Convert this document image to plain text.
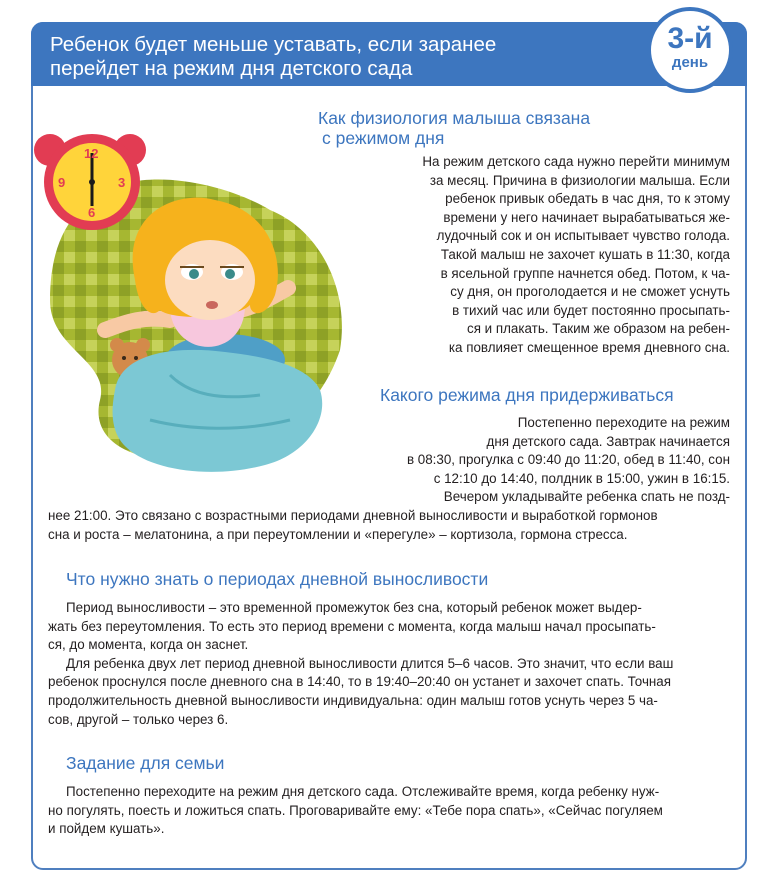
Ребенок будет меньше уставать, если заранее
перейдет на режим дня детского сада
3-й
день
12
3
6
9
Как физиология малыша связана
с режимом дня
На режим детского сада нужно перейти минимум
за месяц. Причина в физиологии малыша. Если
ребенок привык обедать в час дня, то к этому
времени у него начинает вырабатываться же-
лудочный сок и он испытывает чувство голода.
Такой малыш не захочет кушать в 11:30, когда
в ясельной группе начнется обед. Потом, к ча-
су дня, он проголодается и не сможет уснуть
в тихий час или будет постоянно просыпать-
ся и плакать. Таким же образом на ребен-
ка повлияет смещенное время дневного сна.
Какого режима дня придерживаться
Постепенно переходите на режим
дня детского сада. Завтрак начинается
в 08:30, прогулка с 09:40 до 11:20, обед в 11:40, сон
с 12:10 до 14:40, полдник в 15:00, ужин в 16:15.
Вечером укладывайте ребенка спать не позд-
нее 21:00. Это связано с возрастными периодами дневной выносливости и выработкой гормонов
сна и роста – мелатонина, а при переутомлении и «перегуле» – кортизола, гормона стресса.
Что нужно знать о периодах дневной выносливости
Период выносливости – это временной промежуток без сна, который ребенок может выдер-
жать без переутомления. То есть это период времени с момента, когда малыш начал просыпать-
ся, до момента, когда он заснет.
Для ребенка двух лет период дневной выносливости длится 5–6 часов. Это значит, что если ваш
ребенок проснулся после дневного сна в 14:40, то в 19:40–20:40 он устанет и захочет спать. Точная
продолжительность дневной выносливости индивидуальна: один малыш готов уснуть через 5 ча-
сов, другой – только через 6.
Задание для семьи
Постепенно переходите на режим дня детского сада. Отслеживайте время, когда ребенку нуж-
но погулять, поесть и ложиться спать. Проговаривайте ему: «Тебе пора спать», «Сейчас погуляем
и пойдем кушать».
